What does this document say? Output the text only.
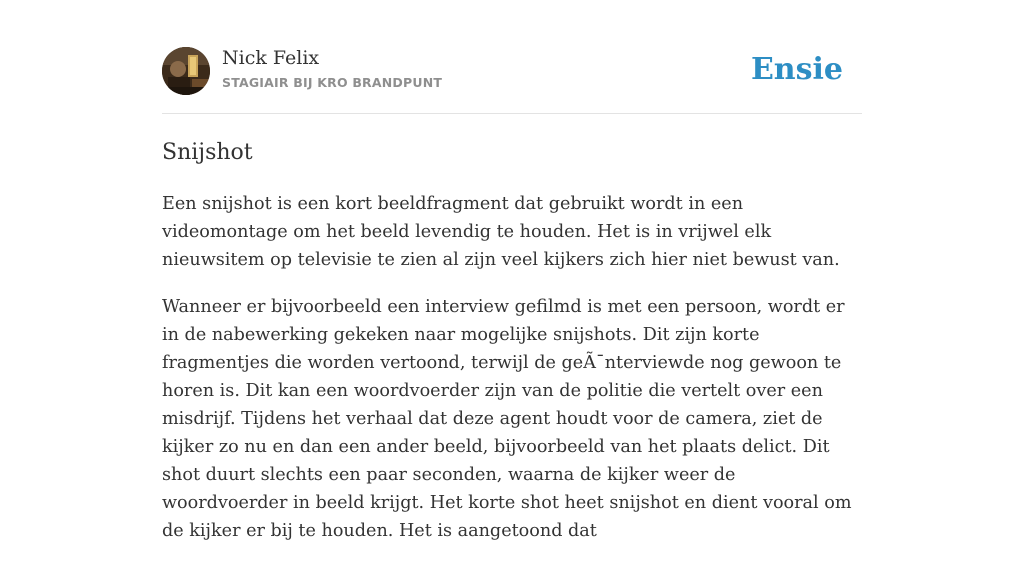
Nick Felix
STAGIAIR BIJ KRO BRANDPUNT	Ensie
Snijshot

Een snijshot is een kort beeldfragment dat gebruikt wordt in een videomontage om het beeld levendig te houden. Het is in vrijwel elk nieuwsitem op televisie te zien al zijn veel kijkers zich hier niet bewust van.

Wanneer er bijvoorbeeld een interview gefilmd is met een persoon, wordt er in de nabewerking gekeken naar mogelijke snijshots. Dit zijn korte fragmentjes die worden vertoond, terwijl de geÃ¯nterviewde nog gewoon te horen is. Dit kan een woordvoerder zijn van de politie die vertelt over een misdrijf. Tijdens het verhaal dat deze agent houdt voor de camera, ziet de kijker zo nu en dan een ander beeld, bijvoorbeeld van het plaats delict. Dit shot duurt slechts een paar seconden, waarna de kijker weer de woordvoerder in beeld krijgt. Het korte shot heet snijshot en dient vooral om de kijker er bij te houden. Het is aangetoond dat
